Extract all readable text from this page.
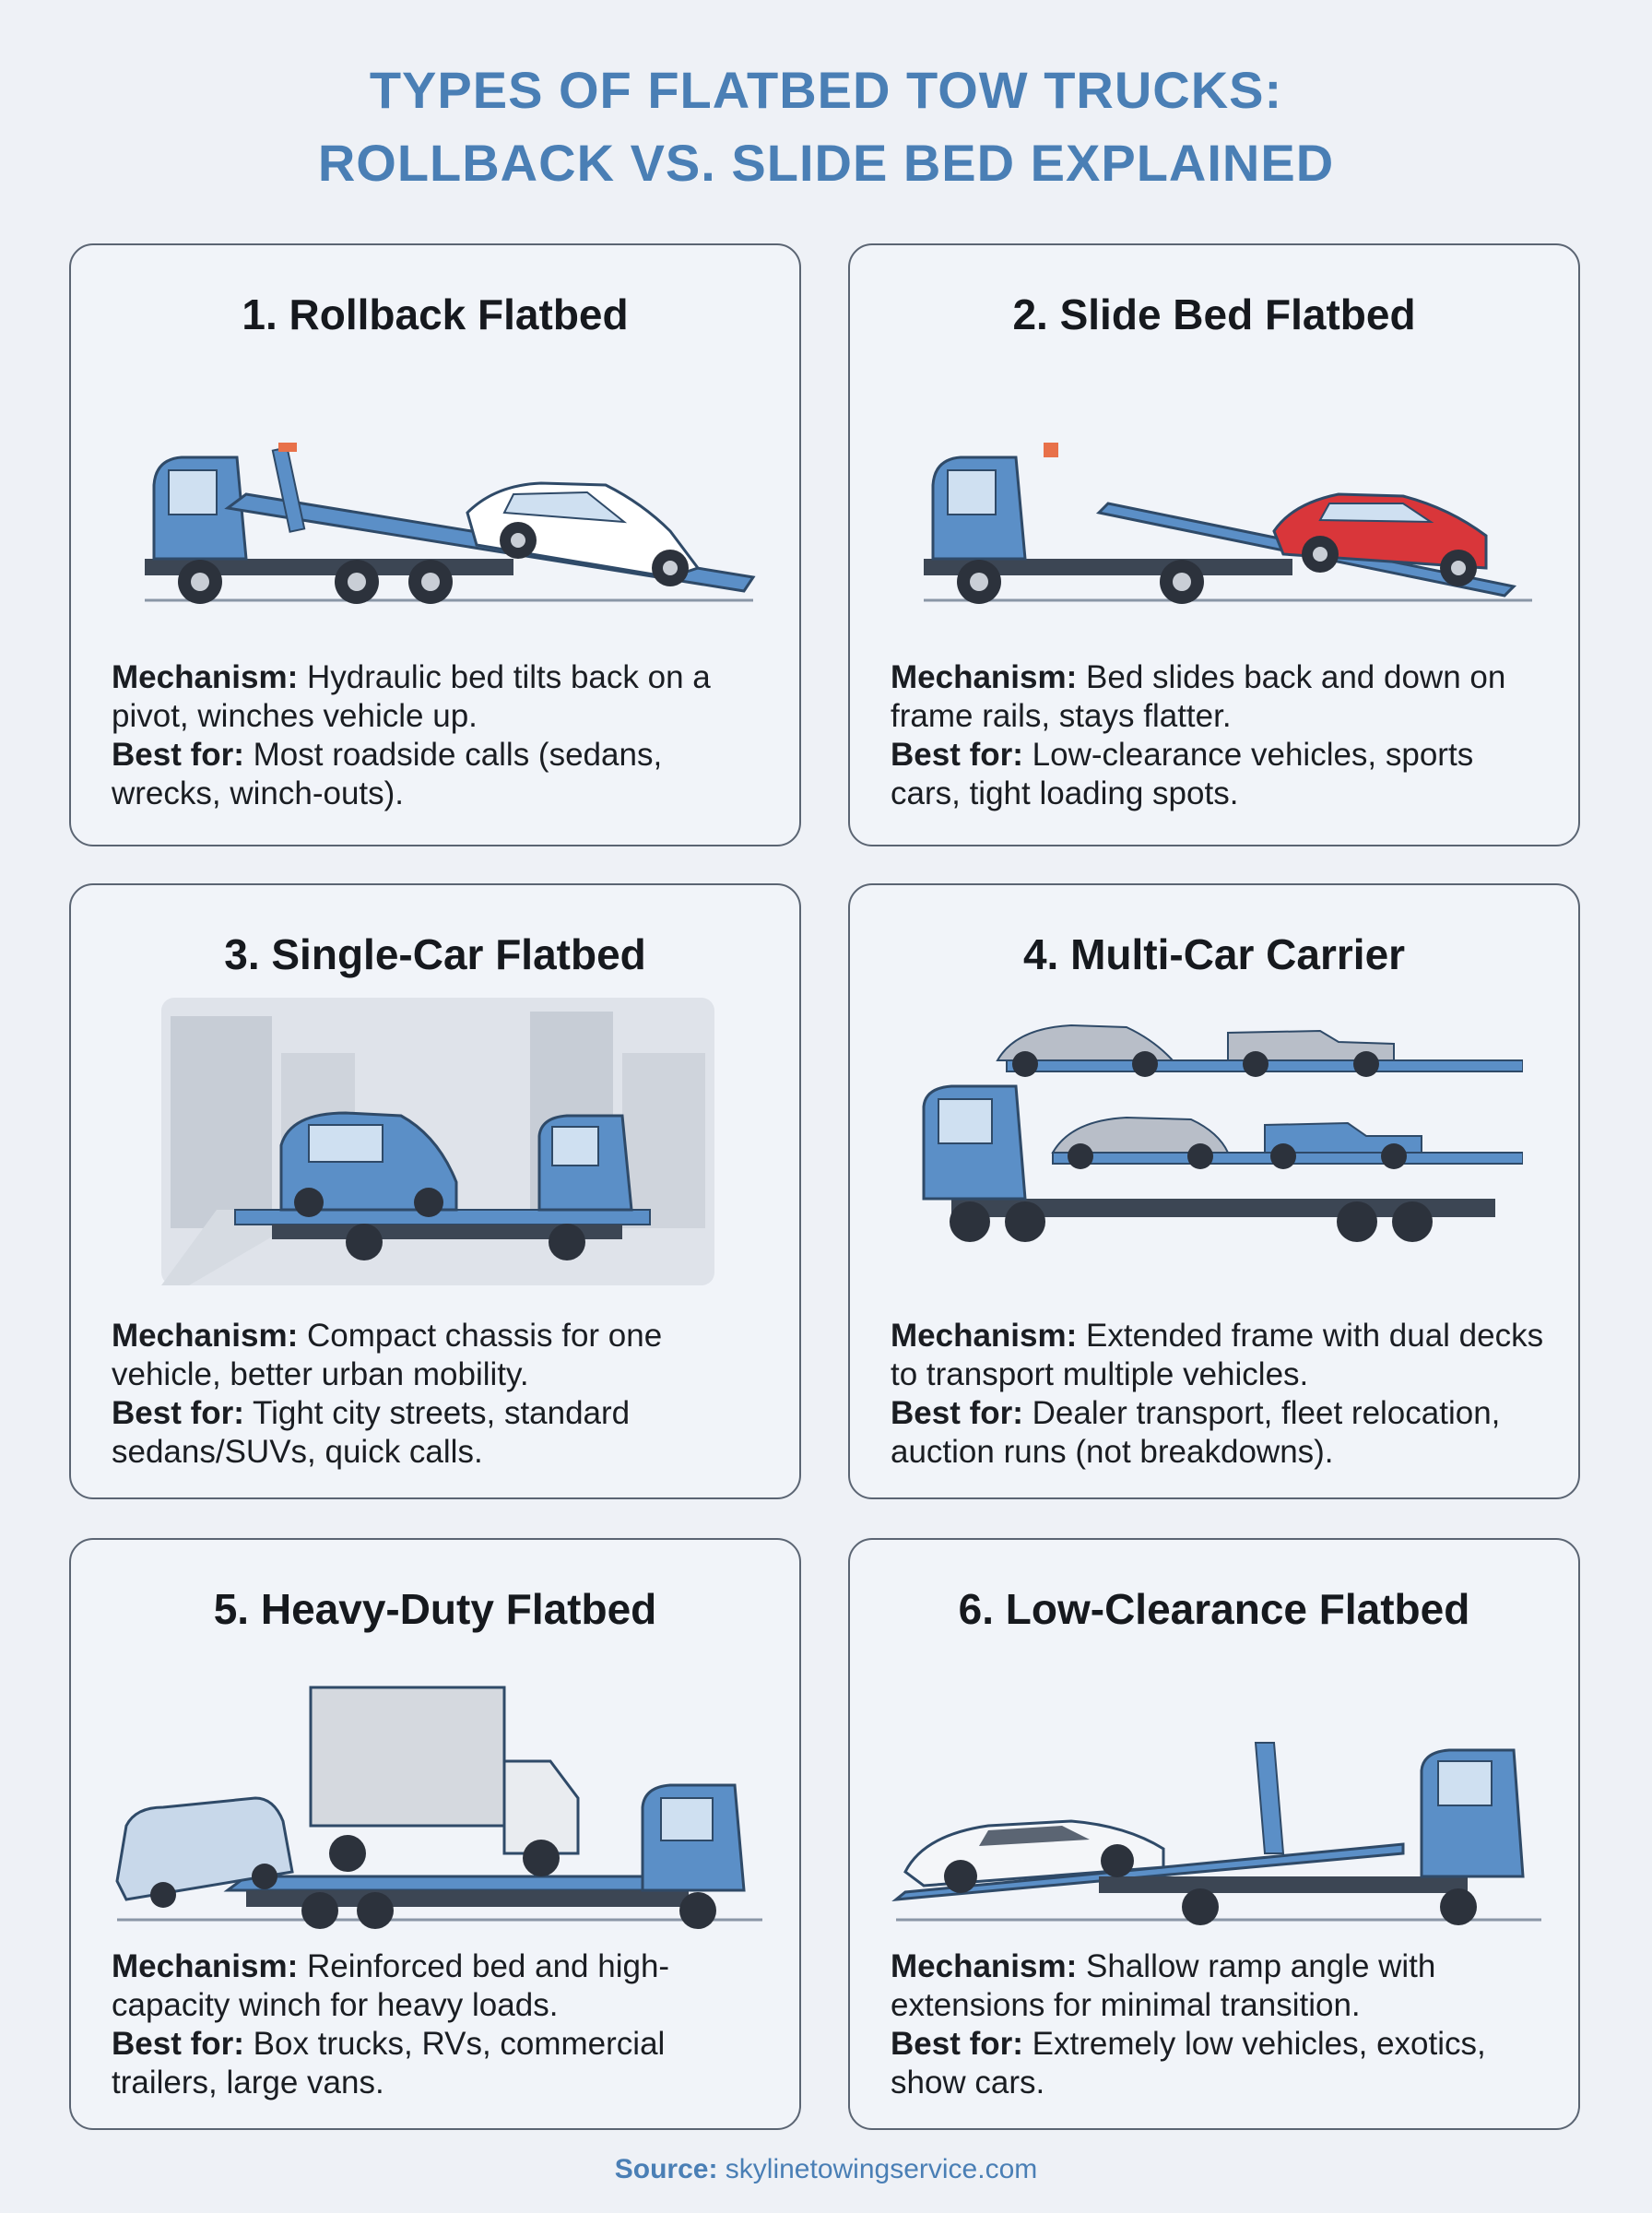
TYPES OF FLATBED TOW TRUCKS:
ROLLBACK VS. SLIDE BED EXPLAINED
1. Rollback Flatbed

Mechanism: Hydraulic bed tilts back on a pivot, winches vehicle up.

Best for: Most roadside calls (sedans, wrecks, winch-outs).

2. Slide Bed Flatbed

Mechanism: Bed slides back and down on frame rails, stays flatter.

Best for: Low-clearance vehicles, sports cars, tight loading spots.

3. Single-Car Flatbed

Mechanism: Compact chassis for one vehicle, better urban mobility.

Best for: Tight city streets, standard sedans/SUVs, quick calls.

4. Multi-Car Carrier

Mechanism: Extended frame with dual decks to transport multiple vehicles.

Best for: Dealer transport, fleet relocation, auction runs (not breakdowns).

5. Heavy-Duty Flatbed

Mechanism: Reinforced bed and high-capacity winch for heavy loads.

Best for: Box trucks, RVs, commercial trailers, large vans.

6. Low-Clearance Flatbed

Mechanism: Shallow ramp angle with extensions for minimal transition.

Best for: Extremely low vehicles, exotics, show cars.

Source: skylinetowingservice.com
